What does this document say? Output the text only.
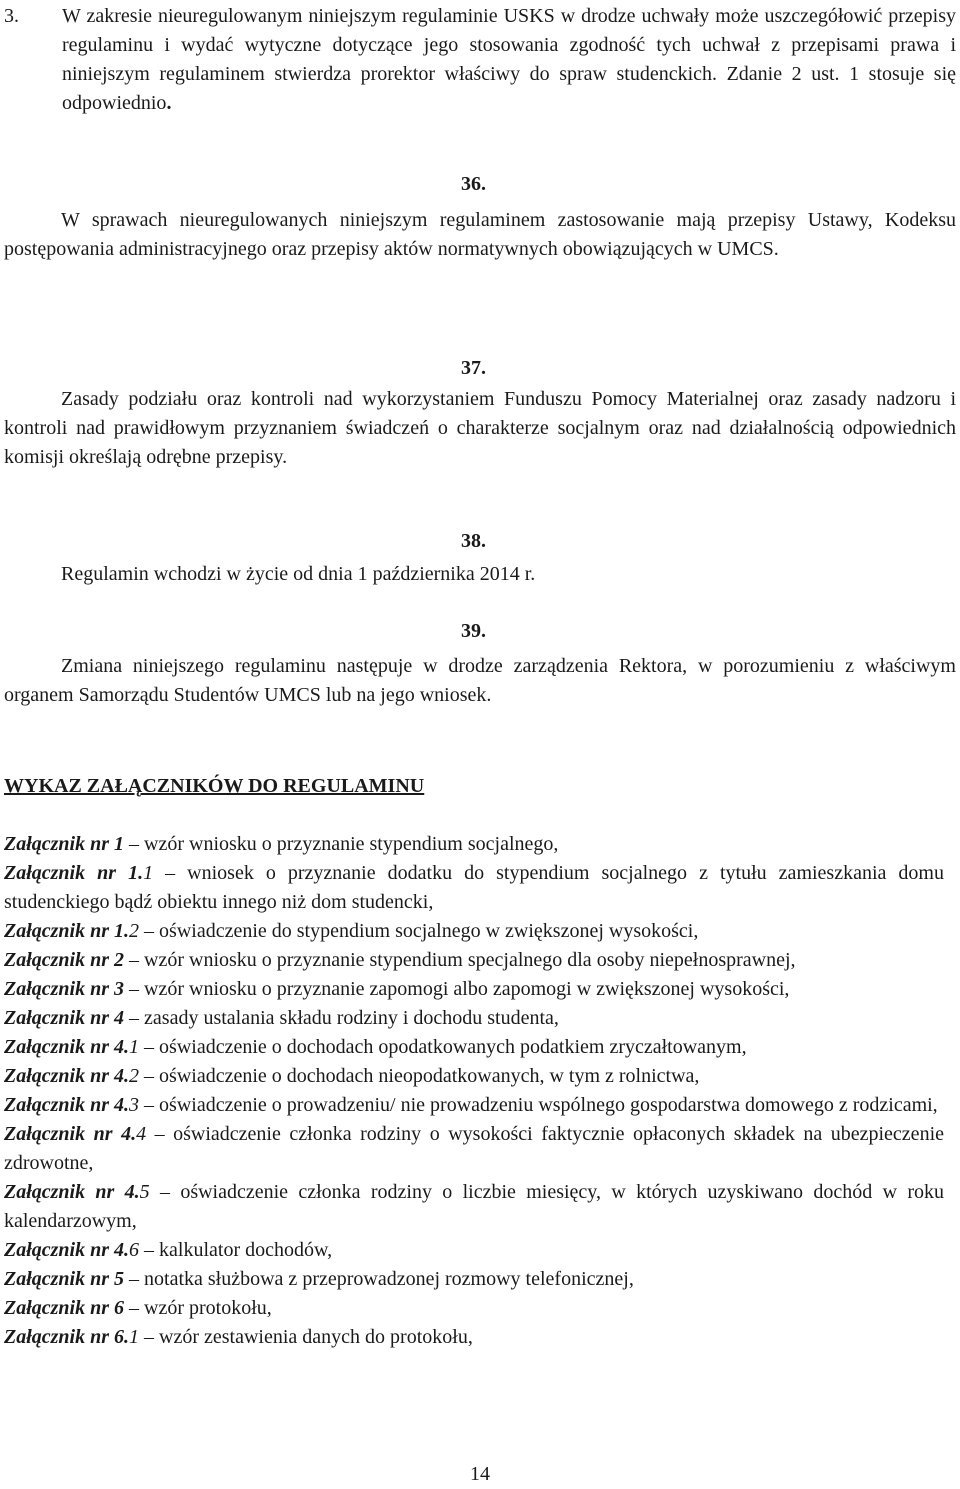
3. W zakresie nieuregulowanym niniejszym regulaminie USKS w drodze uchwały może uszczegółowić przepisy regulaminu i wydać wytyczne dotyczące jego stosowania zgodność tych uchwał z przepisami prawa i niniejszym regulaminem stwierdza prorektor właściwy do spraw studenckich. Zdanie 2 ust. 1 stosuje się odpowiednio.
36.
W sprawach nieuregulowanych niniejszym regulaminem zastosowanie mają przepisy Ustawy, Kodeksu postępowania administracyjnego oraz przepisy aktów normatywnych obowiązujących w UMCS.
37.
Zasady podziału oraz kontroli nad wykorzystaniem Funduszu Pomocy Materialnej oraz zasady nadzoru i kontroli nad prawidłowym przyznaniem świadczeń o charakterze socjalnym oraz nad działalnością odpowiednich komisji określają odrębne przepisy.
38.
Regulamin wchodzi w życie od dnia 1 października 2014 r.
39.
Zmiana niniejszego regulaminu następuje w drodze zarządzenia Rektora, w porozumieniu z właściwym organem Samorządu Studentów UMCS lub na jego wniosek.
WYKAZ ZAŁĄCZNIKÓW DO REGULAMINU

Załącznik nr 1 – wzór wniosku o przyznanie stypendium socjalnego,

Załącznik nr 1.1 – wniosek o przyznanie dodatku do stypendium socjalnego z tytułu zamieszkania domu studenckiego bądź obiektu innego niż dom studencki,

Załącznik nr 1.2 – oświadczenie do stypendium socjalnego w zwiększonej wysokości,

Załącznik nr 2 – wzór wniosku o przyznanie stypendium specjalnego dla osoby niepełnosprawnej,

Załącznik nr 3 – wzór wniosku o przyznanie zapomogi albo zapomogi w zwiększonej wysokości,

Załącznik nr 4 – zasady ustalania składu rodziny i dochodu studenta,

Załącznik nr 4.1 – oświadczenie o dochodach opodatkowanych podatkiem zryczałtowanym,

Załącznik nr 4.2 – oświadczenie o dochodach nieopodatkowanych, w tym z rolnictwa,

Załącznik nr 4.3 – oświadczenie o prowadzeniu/ nie prowadzeniu wspólnego gospodarstwa domowego z rodzicami,

Załącznik nr 4.4 – oświadczenie członka rodziny o wysokości faktycznie opłaconych składek na ubezpieczenie zdrowotne,

Załącznik nr 4.5 – oświadczenie członka rodziny o liczbie miesięcy, w których uzyskiwano dochód w roku kalendarzowym,

Załącznik nr 4.6 – kalkulator dochodów,

Załącznik nr 5 – notatka służbowa z przeprowadzonej rozmowy telefonicznej,

Załącznik nr 6 – wzór protokołu,

Załącznik nr 6.1 – wzór zestawienia danych do protokołu,

14
